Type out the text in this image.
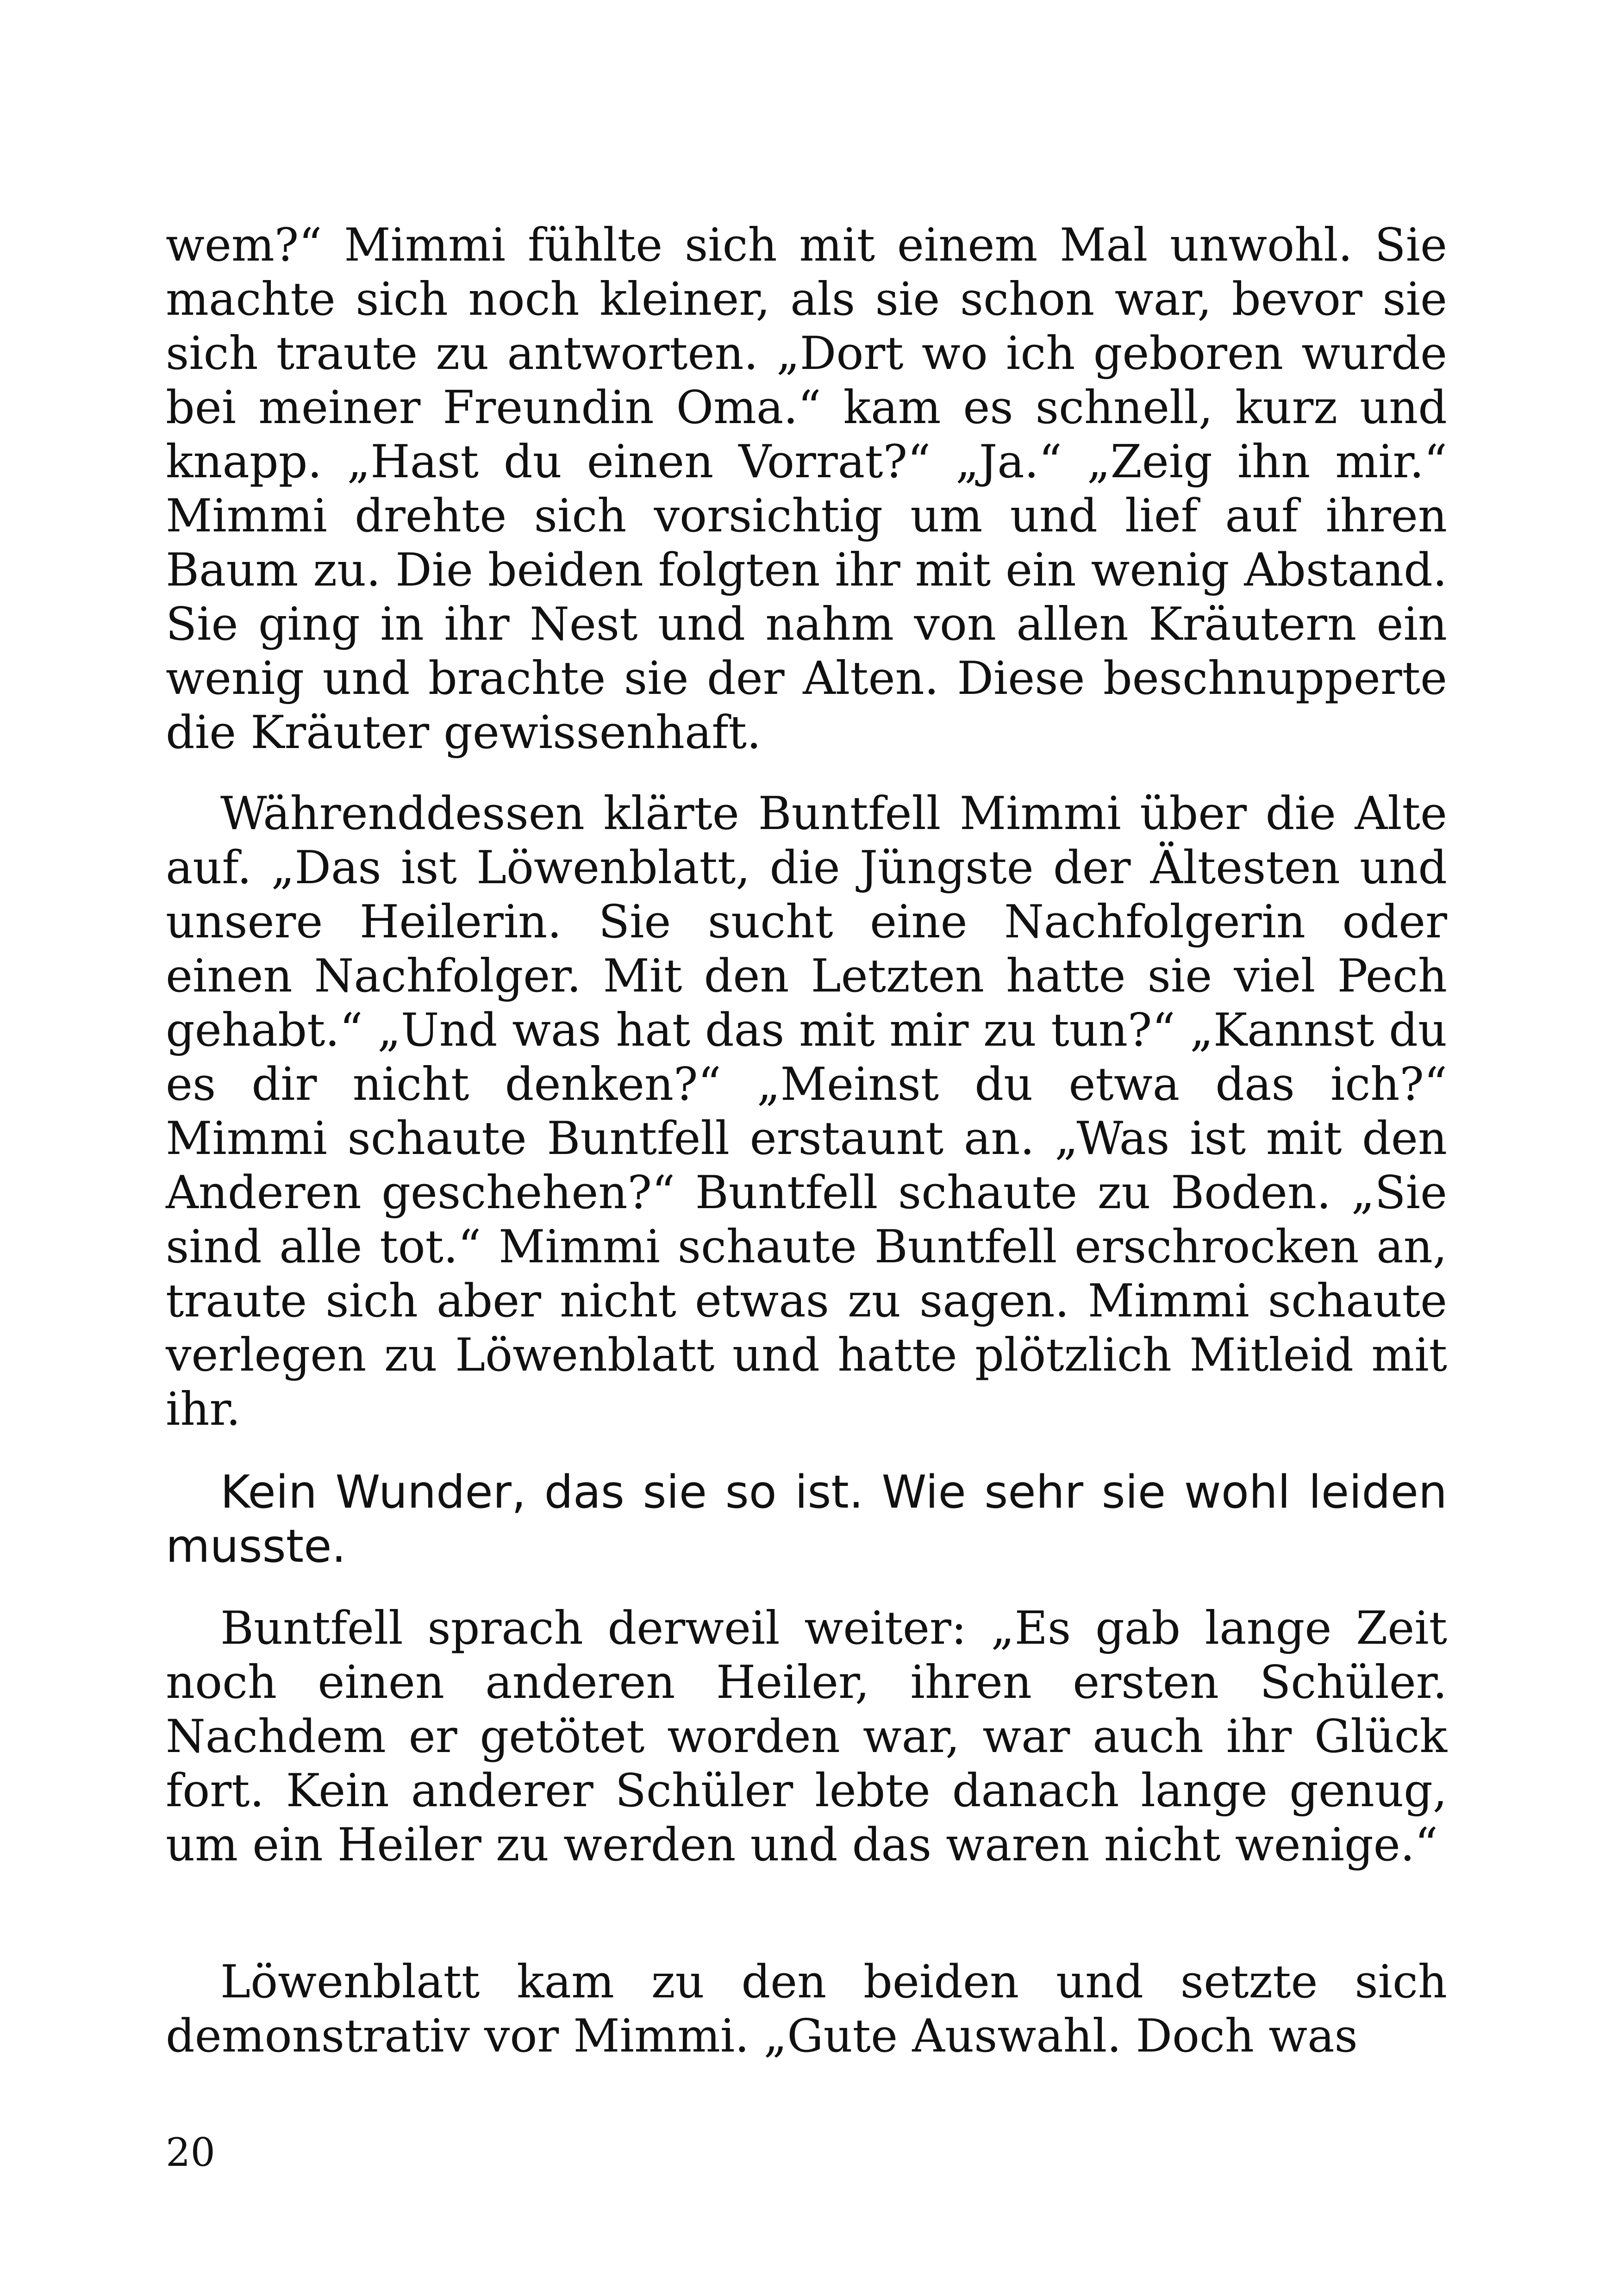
wem?“ Mimmi fühlte sich mit einem Mal unwohl. Sie machte sich noch kleiner, als sie schon war, bevor sie sich traute zu antworten. „Dort wo ich geboren wurde bei meiner Freundin Oma.“ kam es schnell, kurz und knapp. „Hast du einen Vorrat?“ „Ja.“ „Zeig ihn mir.“ Mimmi drehte sich vorsichtig um und lief auf ihren Baum zu. Die beiden folgten ihr mit ein wenig Abstand. Sie ging in ihr Nest und nahm von allen Kräutern ein wenig und brachte sie der Alten. Diese beschnupperte die Kräuter gewissenhaft.

Währenddessen klärte Buntfell Mimmi über die Alte auf. „Das ist Löwenblatt, die Jüngste der Ältesten und unsere Heilerin. Sie sucht eine Nachfolgerin oder einen Nachfolger. Mit den Letzten hatte sie viel Pech gehabt.“ „Und was hat das mit mir zu tun?“ „Kannst du es dir nicht denken?“ „Meinst du etwa das ich?“ Mimmi schaute Buntfell erstaunt an. „Was ist mit den Anderen geschehen?“ Buntfell schaute zu Boden. „Sie sind alle tot.“ Mimmi schaute Buntfell erschrocken an, traute sich aber nicht etwas zu sagen. Mimmi schaute verlegen zu Löwenblatt und hatte plötzlich Mitleid mit ihr.

Kein Wunder, das sie so ist. Wie sehr sie wohl leiden musste.

Buntfell sprach derweil weiter: „Es gab lange Zeit noch einen anderen Heiler, ihren ersten Schüler. Nachdem er getötet worden war, war auch ihr Glück fort. Kein anderer Schüler lebte danach lange genug, um ein Heiler zu werden und das waren nicht wenige.“

Löwenblatt kam zu den beiden und setzte sich demonstrativ vor Mimmi. „Gute Auswahl. Doch was

20
